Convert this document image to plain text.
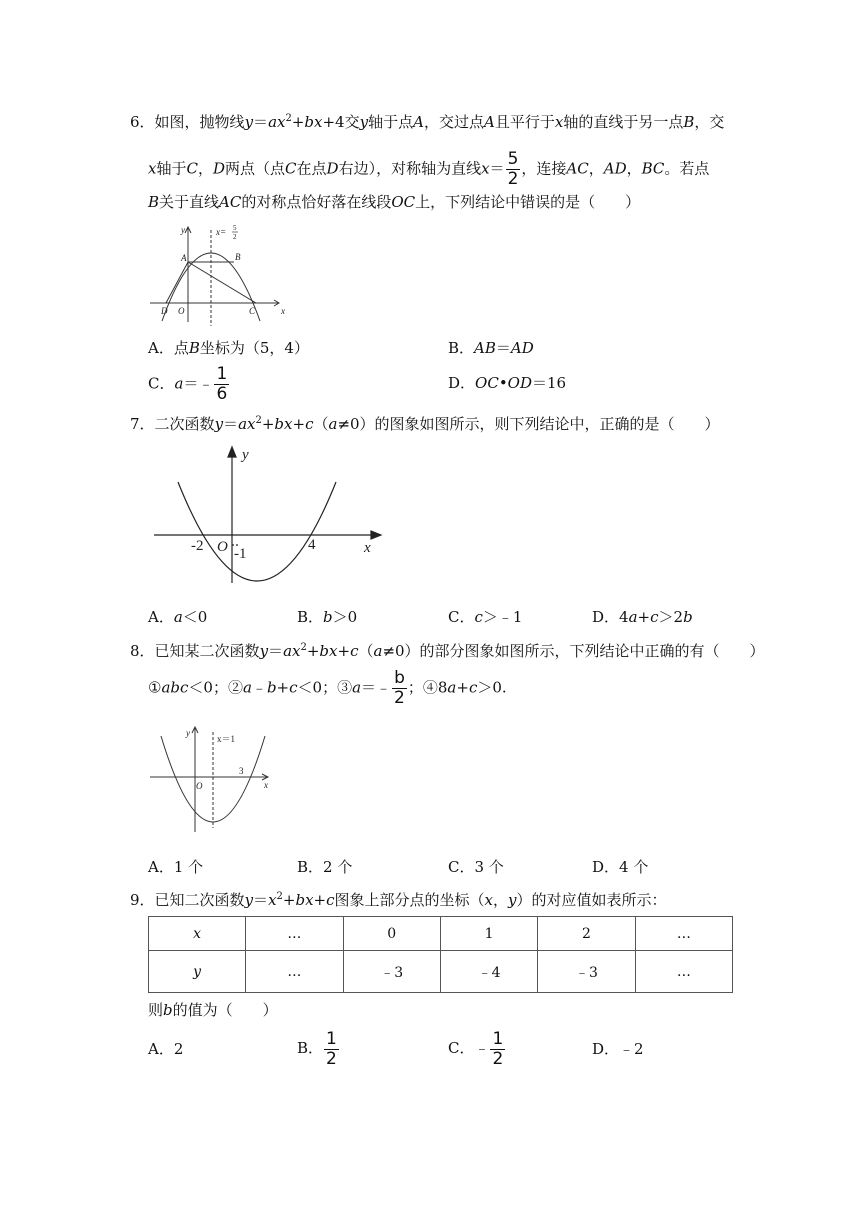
6．如图，抛物线$y=ax^2+bx+4$交y轴于点A，交过点A且平行于x轴的直线于另一点B，交
x轴于C，D两点（点C在点D右边），对称轴为直线$x= \frac{5}{2}$ ，连接AC，AD，BC。若点
B关于直线AC的对称点恰好落在线段OC上，下列结论中错误的是（　　）
y
x
x= 5
2
A	B
C
D O
A．点B坐标为（5，4）	B．AB＝AD
C．a＝﹣ $\frac{1}{6}$	D．OC•OD＝16
7．二次函数$y=ax^2+bx+c(a\ne 0)$的图象如图所示，则下列结论中，正确的是（　　）
y
x
-2 O -1
4
A．a＜0	B．b＞0	C．c＞﹣1	D．4a+c＞2b
8．已知某二次函数$y=ax^2+bx+c(a\ne 0)$的部分图象如图所示，下列结论中正确的有（　　）
①abc＜0；②a﹣b+c＜0；③a＝﹣ $\frac{b}{2}$ ；④8a+c＞0.
y
x
x＝1
O
3
A．1 个	B．2 个	C．3 个	D．4 个
9．已知二次函数$y=x^2+bx+c$图象上部分点的坐标（x，y）的对应值如表所示：
x	…	0	1	2	…
y	…	﹣3	﹣4	﹣3	…
则b的值为（　　）
A．2	B． $\frac{1}{2}$	C．﹣ $\frac{1}{2}$	D．﹣2
